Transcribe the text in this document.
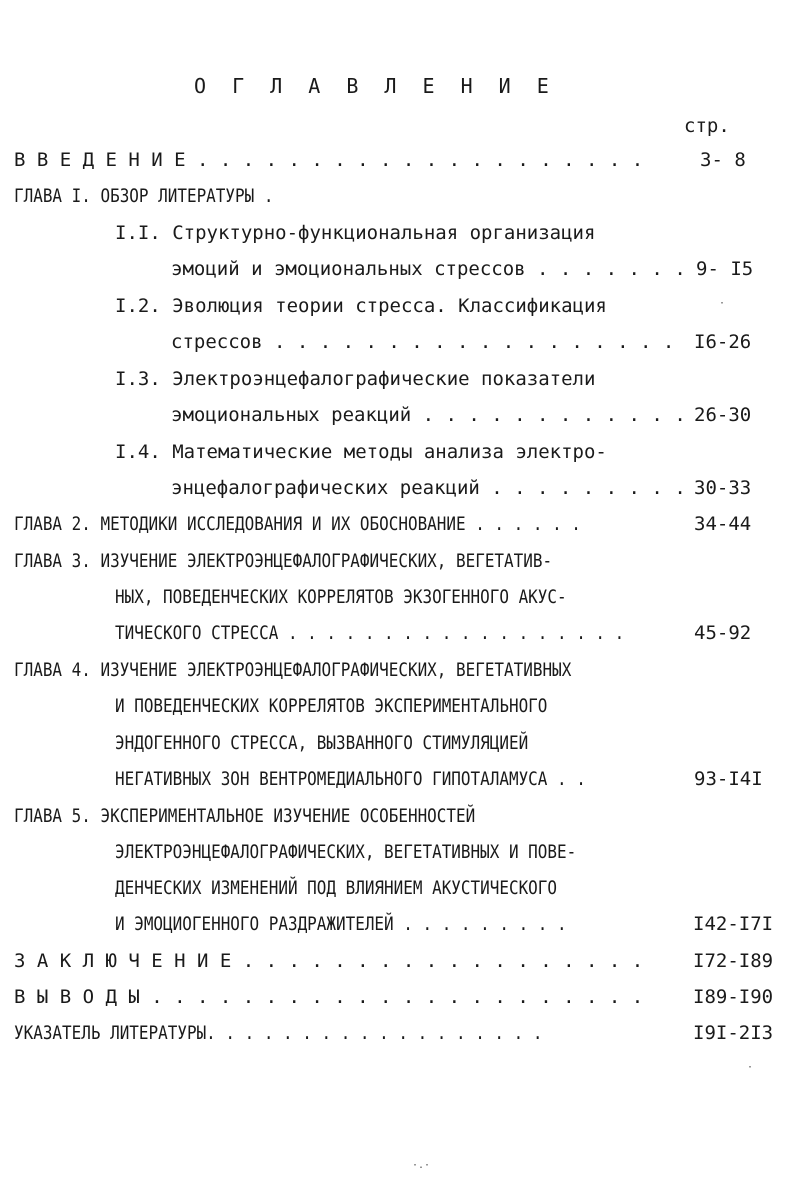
О Г Л А В Л Е Н И Е
стр.
В В Е Д Е Н И Е . . . . . . . . . . . . . . . . . . . .	3- 8
ГЛАВА I. ОБЗОР ЛИТЕРАТУРЫ .
I.I. Структурно-функциональная организация
эмоций и эмоциональных стрессов . . . . . . . 9- I5
I.2. Эволюция теории стресса. Классификация
стрессов . . . . . . . . . . . . . . . . . . I6-26
I.3. Электроэнцефалографические показатели
эмоциональных реакций . . . . . . . . . . . . 26-30
I.4. Математические методы анализа электро-
энцефалографических реакций . . . . . . . . . 30-33
ГЛАВА 2. МЕТОДИКИ ИССЛЕДОВАНИЯ И ИХ ОБОСНОВАНИЕ . . . . . .	34-44
ГЛАВА 3. ИЗУЧЕНИЕ ЭЛЕКТРОЭНЦЕФАЛОГРАФИЧЕСКИХ, ВЕГЕТАТИВ-
НЫХ, ПОВЕДЕНЧЕСКИХ КОРРЕЛЯТОВ ЭКЗОГЕННОГО АКУС-
ТИЧЕСКОГО СТРЕССА . . . . . . . . . . . . . . . . . .	45-92
ГЛАВА 4. ИЗУЧЕНИЕ ЭЛЕКТРОЭНЦЕФАЛОГРАФИЧЕСКИХ, ВЕГЕТАТИВНЫХ
И ПОВЕДЕНЧЕСКИХ КОРРЕЛЯТОВ ЭКСПЕРИМЕНТАЛЬНОГО
ЭНДОГЕННОГО СТРЕССА, ВЫЗВАННОГО СТИМУЛЯЦИЕЙ
НЕГАТИВНЫХ ЗОН ВЕНТРОМЕДИАЛЬНОГО ГИПОТАЛАМУСА . .	93-I4I
ГЛАВА 5. ЭКСПЕРИМЕНТАЛЬНОЕ ИЗУЧЕНИЕ ОСОБЕННОСТЕЙ
ЭЛЕКТРОЭНЦЕФАЛОГРАФИЧЕСКИХ, ВЕГЕТАТИВНЫХ И ПОВЕ-
ДЕНЧЕСКИХ ИЗМЕНЕНИЙ ПОД ВЛИЯНИЕМ АКУСТИЧЕСКОГО
И ЭМОЦИОГЕННОГО РАЗДРАЖИТЕЛЕЙ . . . . . . . . .	I42-I7I
З А К Л Ю Ч Е Н И Е . . . . . . . . . . . . . . . . . .	I72-I89
В Ы В О Д Ы . . . . . . . . . . . . . . . . . . . . . .	I89-I90
УКАЗАТЕЛЬ ЛИТЕРАТУРЫ. . . . . . . . . . . . . . . . . .	I9I-2I3
·
·
·.·
